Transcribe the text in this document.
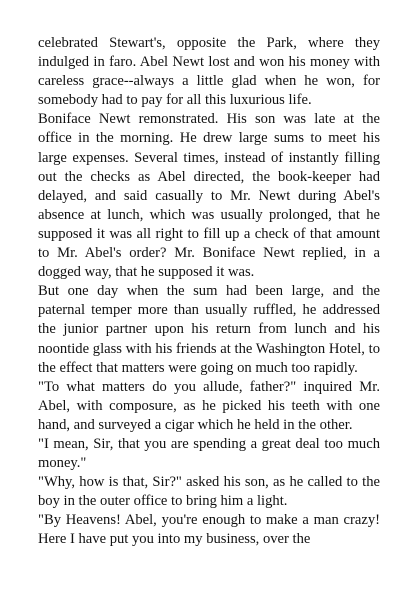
celebrated Stewart's, opposite the Park, where they indulged in faro. Abel Newt lost and won his money with careless grace--always a little glad when he won, for somebody had to pay for all this luxurious life.

Boniface Newt remonstrated. His son was late at the office in the morning. He drew large sums to meet his large expenses. Several times, instead of instantly filling out the checks as Abel directed, the book-keeper had delayed, and said casually to Mr. Newt during Abel's absence at lunch, which was usually prolonged, that he supposed it was all right to fill up a check of that amount to Mr. Abel's order? Mr. Boniface Newt replied, in a dogged way, that he supposed it was.

But one day when the sum had been large, and the paternal temper more than usually ruffled, he addressed the junior partner upon his return from lunch and his noontide glass with his friends at the Washington Hotel, to the effect that matters were going on much too rapidly.

"To what matters do you allude, father?" inquired Mr. Abel, with composure, as he picked his teeth with one hand, and surveyed a cigar which he held in the other.

"I mean, Sir, that you are spending a great deal too much money."

"Why, how is that, Sir?" asked his son, as he called to the boy in the outer office to bring him a light.

"By Heavens! Abel, you're enough to make a man crazy! Here I have put you into my business, over the
